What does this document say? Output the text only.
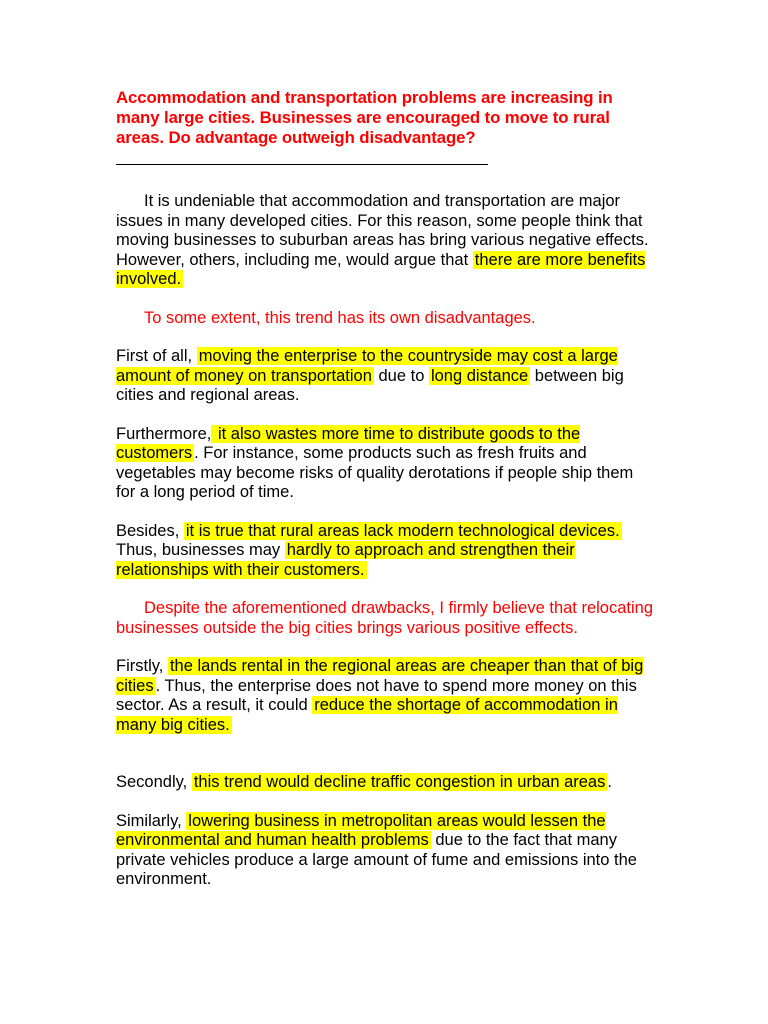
Accommodation and transportation problems are increasing in many large cities. Businesses are encouraged to move to rural areas. Do advantage outweigh disadvantage?

It is undeniable that accommodation and transportation are major issues in many developed cities. For this reason, some people think that moving businesses to suburban areas has bring various negative effects. However, others, including me, would argue that there are more benefits involved.

To some extent, this trend has its own disadvantages.

First of all, moving the enterprise to the countryside may cost a large amount of money on transportation due to long distance between big cities and regional areas.

Furthermore, it also wastes more time to distribute goods to the customers . For instance, some products such as fresh fruits and vegetables may become risks of quality derotations if people ship them for a long period of time.

Besides, it is true that rural areas lack modern technological devices. Thus, businesses may hardly to approach and strengthen their relationships with their customers.

Despite the aforementioned drawbacks, I firmly believe that relocating businesses outside the big cities brings various positive effects.

Firstly, the lands rental in the regional areas are cheaper than that of big cities . Thus, the enterprise does not have to spend more money on this sector. As a result, it could reduce the shortage of accommodation in many big cities.

Secondly, this trend would decline traffic congestion in urban areas .

Similarly, lowering business in metropolitan areas would lessen the environmental and human health problems due to the fact that many private vehicles produce a large amount of fume and emissions into the environment.
